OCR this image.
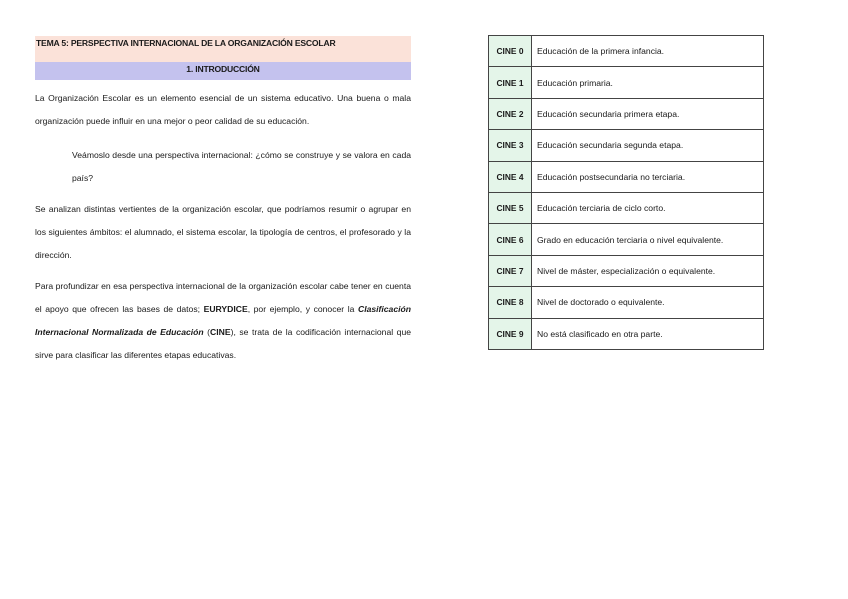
TEMA 5: PERSPECTIVA INTERNACIONAL DE LA ORGANIZACIÓN ESCOLAR
1. INTRODUCCIÓN

La Organización Escolar es un elemento esencial de un sistema educativo. Una buena o mala organización puede influir en una mejor o peor calidad de su educación.

Veámoslo desde una perspectiva internacional: ¿cómo se construye y se valora en cada país?

Se analizan distintas vertientes de la organización escolar, que podríamos resumir o agrupar en los siguientes ámbitos: el alumnado, el sistema escolar, la tipología de centros, el profesorado y la dirección.

Para profundizar en esa perspectiva internacional de la organización escolar cabe tener en cuenta el apoyo que ofrecen las bases de datos; EURYDICE, por ejemplo, y conocer la Clasificación Internacional Normalizada de Educación (CINE), se trata de la codificación internacional que sirve para clasificar las diferentes etapas educativas.

CINE 0	Educación de la primera infancia.
CINE 1	Educación primaria.
CINE 2	Educación secundaria primera etapa.
CINE 3	Educación secundaria segunda etapa.
CINE 4	Educación postsecundaria no terciaria.
CINE 5	Educación terciaria de ciclo corto.
CINE 6	Grado en educación terciaria o nivel equivalente.
CINE 7	Nivel de máster, especialización o equivalente.
CINE 8	Nivel de doctorado o equivalente.
CINE 9	No está clasificado en otra parte.
